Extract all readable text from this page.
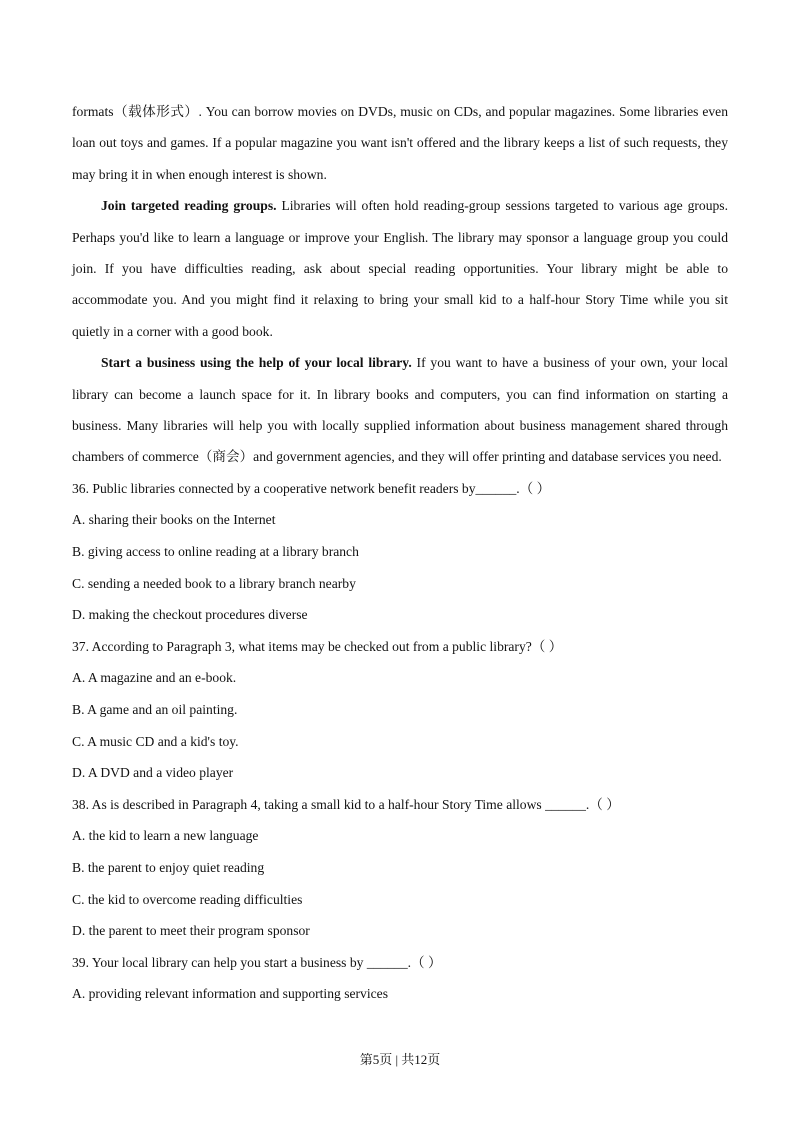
formats（载体形式）. You can borrow movies on DVDs, music on CDs, and popular magazines. Some libraries even loan out toys and games. If a popular magazine you want isn't offered and the library keeps a list of such requests, they may bring it in when enough interest is shown.

Join targeted reading groups. Libraries will often hold reading-group sessions targeted to various age groups. Perhaps you'd like to learn a language or improve your English. The library may sponsor a language group you could join. If you have difficulties reading, ask about special reading opportunities. Your library might be able to accommodate you. And you might find it relaxing to bring your small kid to a half-hour Story Time while you sit quietly in a corner with a good book.

Start a business using the help of your local library. If you want to have a business of your own, your local library can become a launch space for it. In library books and computers, you can find information on starting a business. Many libraries will help you with locally supplied information about business management shared through chambers of commerce（商会）and government agencies, and they will offer printing and database services you need.

36. Public libraries connected by a cooperative network benefit readers by______.（ ）

A. sharing their books on the Internet

B. giving access to online reading at a library branch

C. sending a needed book to a library branch nearby

D. making the checkout procedures diverse

37. According to Paragraph 3, what items may be checked out from a public library?（ ）

A. A magazine and an e-book.

B. A game and an oil painting.

C. A music CD and a kid's toy.

D. A DVD and a video player

38. As is described in Paragraph 4, taking a small kid to a half-hour Story Time allows ______.（ ）

A. the kid to learn a new language

B. the parent to enjoy quiet reading

C. the kid to overcome reading difficulties

D. the parent to meet their program sponsor

39. Your local library can help you start a business by ______.（ ）

A. providing relevant information and supporting services

第5页 | 共12页
